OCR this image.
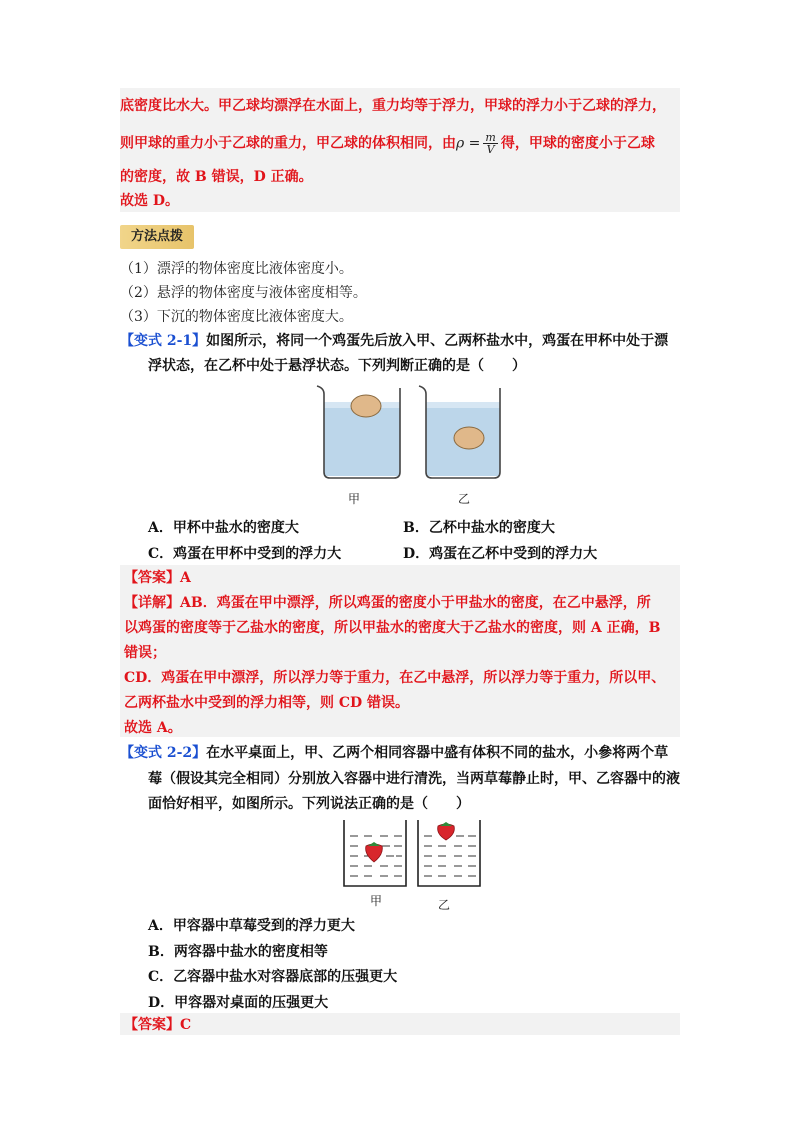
底密度比水大。甲乙球均漂浮在水面上，重力均等于浮力，甲球的浮力小于乙球的浮力，
则甲球的重力小于乙球的重力，甲乙球的体积相同，由$\rho = \frac{m}{V}$ 得，甲球的密度小于乙球
的密度，故 B 错误，D 正确。
故选 D。
方法点拨
（1）漂浮的物体密度比液体密度小。
（2）悬浮的物体密度与液体密度相等。
（3）下沉的物体密度比液体密度大。
【变式 2-1】如图所示，将同一个鸡蛋先后放入甲、乙两杯盐水中，鸡蛋在甲杯中处于漂
浮状态，在乙杯中处于悬浮状态。下列判断正确的是（　　）
甲	乙
A．甲杯中盐水的密度大	B．乙杯中盐水的密度大
C．鸡蛋在甲杯中受到的浮力大	D．鸡蛋在乙杯中受到的浮力大
【答案】A
【详解】AB．鸡蛋在甲中漂浮，所以鸡蛋的密度小于甲盐水的密度，在乙中悬浮，所
以鸡蛋的密度等于乙盐水的密度，所以甲盐水的密度大于乙盐水的密度，则 A 正确，B
错误；
CD．鸡蛋在甲中漂浮，所以浮力等于重力，在乙中悬浮，所以浮力等于重力，所以甲、
乙两杯盐水中受到的浮力相等，则 CD 错误。
故选 A。
【变式 2-2】在水平桌面上，甲、乙两个相同容器中盛有体积不同的盐水，小參将两个草
莓（假设其完全相同）分别放入容器中进行清洗，当两草莓静止时，甲、乙容器中的液
面恰好相平，如图所示。下列说法正确的是（　　）
甲	乙
A．甲容器中草莓受到的浮力更大
B．两容器中盐水的密度相等
C．乙容器中盐水对容器底部的压强更大
D．甲容器对桌面的压强更大
【答案】C
